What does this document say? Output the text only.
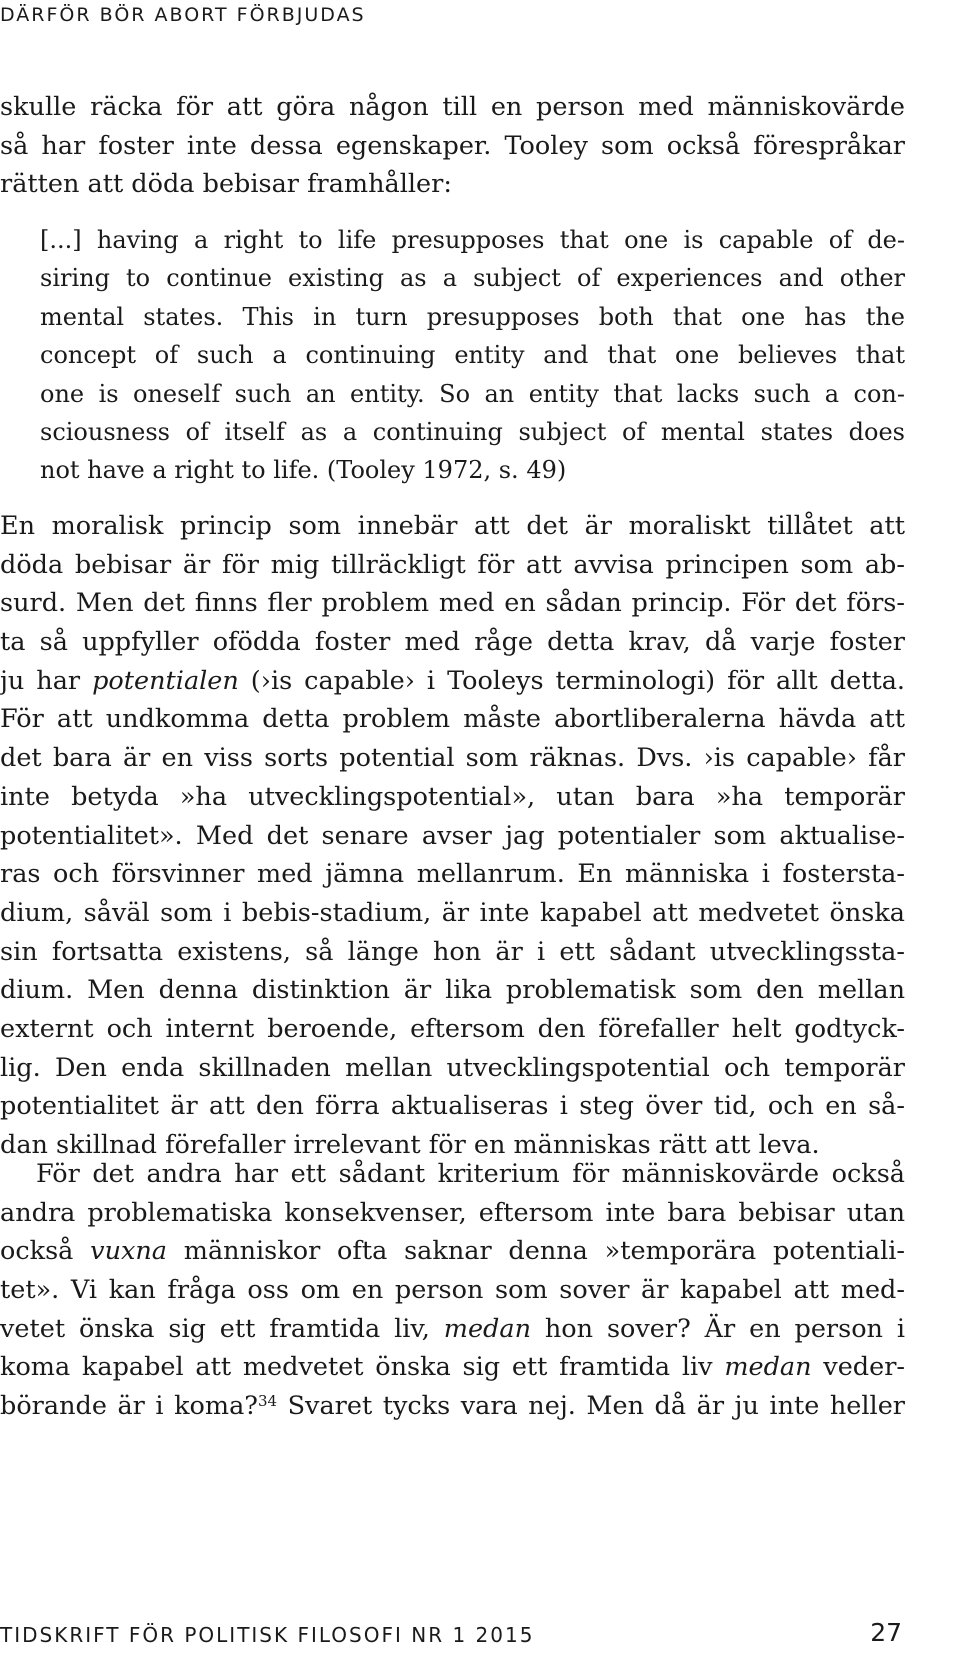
DÄRFÖR BÖR ABORT FÖRBJUDAS
skulle räcka för att göra någon till en person med människovärde
så har foster inte dessa egenskaper. Tooley som också förespråkar
rätten att döda bebisar framhåller:
[...] having a right to life presupposes that one is capable of de-
siring to continue existing as a subject of experiences and other
mental states. This in turn presupposes both that one has the
concept of such a continuing entity and that one believes that
one is oneself such an entity. So an entity that lacks such a con-
sciousness of itself as a continuing subject of mental states does
not have a right to life. (Tooley 1972, s. 49)
En moralisk princip som innebär att det är moraliskt tillåtet att
döda bebisar är för mig tillräckligt för att avvisa principen som ab-
surd. Men det finns fler problem med en sådan princip. För det förs-
ta så uppfyller ofödda foster med råge detta krav, då varje foster
ju har potentialen (›is capable› i Tooleys terminologi) för allt detta.
För att undkomma detta problem måste abortliberalerna hävda att
det bara är en viss sorts potential som räknas. Dvs. ›is capable› får
inte betyda »ha utvecklingspotential», utan bara »ha temporär
potentialitet». Med det senare avser jag potentialer som aktualise-
ras och försvinner med jämna mellanrum. En människa i fostersta-
dium, såväl som i bebis-stadium, är inte kapabel att medvetet önska
sin fortsatta existens, så länge hon är i ett sådant utvecklingssta-
dium. Men denna distinktion är lika problematisk som den mellan
externt och internt beroende, eftersom den förefaller helt godtyck-
lig. Den enda skillnaden mellan utvecklingspotential och temporär
potentialitet är att den förra aktualiseras i steg över tid, och en så-
dan skillnad förefaller irrelevant för en människas rätt att leva.
För det andra har ett sådant kriterium för människovärde också
andra problematiska konsekvenser, eftersom inte bara bebisar utan
också vuxna människor ofta saknar denna »temporära potentiali-
tet». Vi kan fråga oss om en person som sover är kapabel att med-
vetet önska sig ett framtida liv, medan hon sover? Är en person i
koma kapabel att medvetet önska sig ett framtida liv medan veder-
börande är i koma?$^{34}$ Svaret tycks vara nej. Men då är ju inte heller
TIDSKRIFT FÖR POLITISK FILOSOFI NR 1 2015	27
